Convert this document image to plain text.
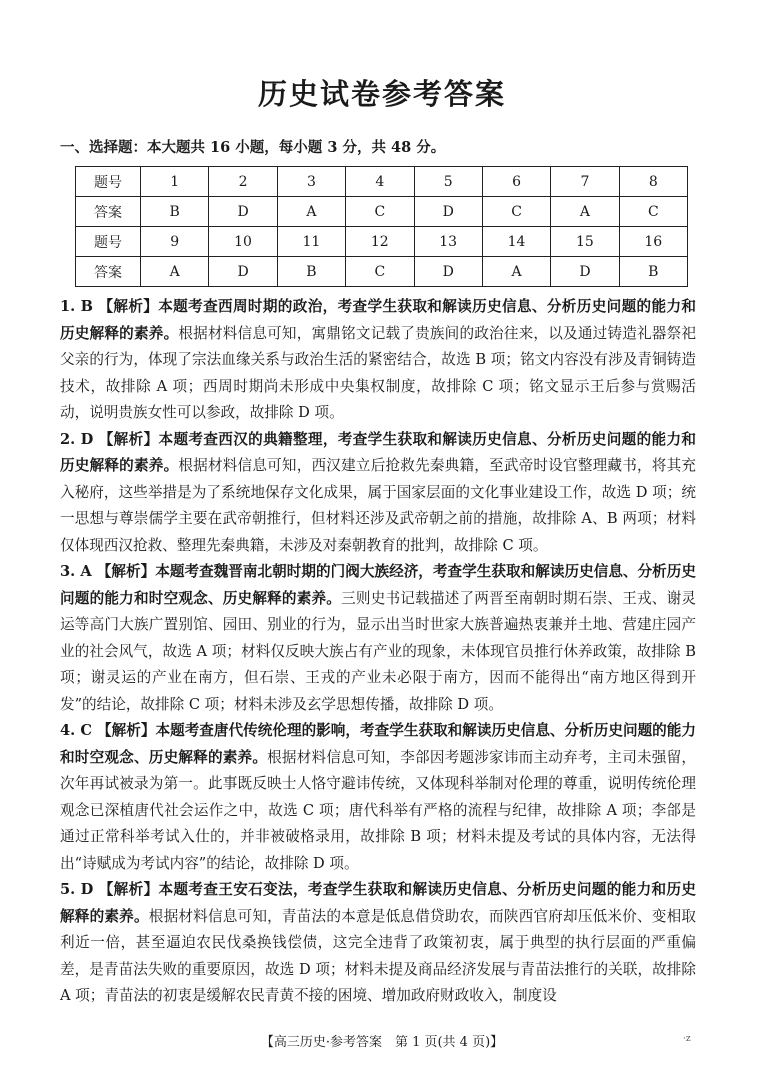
历史试卷参考答案
一、选择题：本大题共 16 小题，每小题 3 分，共 48 分。
题号	1	2	3	4	5	6	7	8
答案	B	D	A	C	D	C	A	C
题号	9	10	11	12	13	14	15	16
答案	A	D	B	C	D	A	D	B

1. B 【解析】本题考查西周时期的政治，考查学生获取和解读历史信息、分析历史问题的能力和历史解释的素养。根据材料信息可知，寓鼎铭文记载了贵族间的政治往来，以及通过铸造礼器祭祀父亲的行为，体现了宗法血缘关系与政治生活的紧密结合，故选 B 项；铭文内容没有涉及青铜铸造技术，故排除 A 项；西周时期尚未形成中央集权制度，故排除 C 项；铭文显示王后参与赏赐活动，说明贵族女性可以参政，故排除 D 项。

2. D 【解析】本题考查西汉的典籍整理，考查学生获取和解读历史信息、分析历史问题的能力和历史解释的素养。根据材料信息可知，西汉建立后抢救先秦典籍，至武帝时设官整理藏书，将其充入秘府，这些举措是为了系统地保存文化成果，属于国家层面的文化事业建设工作，故选 D 项；统一思想与尊崇儒学主要在武帝朝推行，但材料还涉及武帝朝之前的措施，故排除 A、B 两项；材料仅体现西汉抢救、整理先秦典籍，未涉及对秦朝教育的批判，故排除 C 项。

3. A 【解析】本题考查魏晋南北朝时期的门阀大族经济，考查学生获取和解读历史信息、分析历史问题的能力和时空观念、历史解释的素养。三则史书记载描述了两晋至南朝时期石崇、王戎、谢灵运等高门大族广置别馆、园田、别业的行为，显示出当时世家大族普遍热衷兼并土地、营建庄园产业的社会风气，故选 A 项；材料仅反映大族占有产业的现象，未体现官员推行休养政策，故排除 B 项；谢灵运的产业在南方，但石崇、王戎的产业未必限于南方，因而不能得出“南方地区得到开发”的结论，故排除 C 项；材料未涉及玄学思想传播，故排除 D 项。

4. C 【解析】本题考查唐代传统伦理的影响，考查学生获取和解读历史信息、分析历史问题的能力和时空观念、历史解释的素养。根据材料信息可知，李郃因考题涉家讳而主动弃考，主司未强留，次年再试被录为第一。此事既反映士人恪守避讳传统，又体现科举制对伦理的尊重，说明传统伦理观念已深植唐代社会运作之中，故选 C 项；唐代科举有严格的流程与纪律，故排除 A 项；李郃是通过正常科举考试入仕的，并非被破格录用，故排除 B 项；材料未提及考试的具体内容，无法得出“诗赋成为考试内容”的结论，故排除 D 项。

5. D 【解析】本题考查王安石变法，考查学生获取和解读历史信息、分析历史问题的能力和历史解释的素养。根据材料信息可知，青苗法的本意是低息借贷助农，而陕西官府却压低米价、变相取利近一倍，甚至逼迫农民伐桑换钱偿债，这完全违背了政策初衷，属于典型的执行层面的严重偏差，是青苗法失败的重要原因，故选 D 项；材料未提及商品经济发展与青苗法推行的关联，故排除 A 项；青苗法的初衷是缓解农民青黄不接的困境、增加政府财政收入，制度设

【高三历史·参考答案　第 1 页(共 4 页)】	·z
